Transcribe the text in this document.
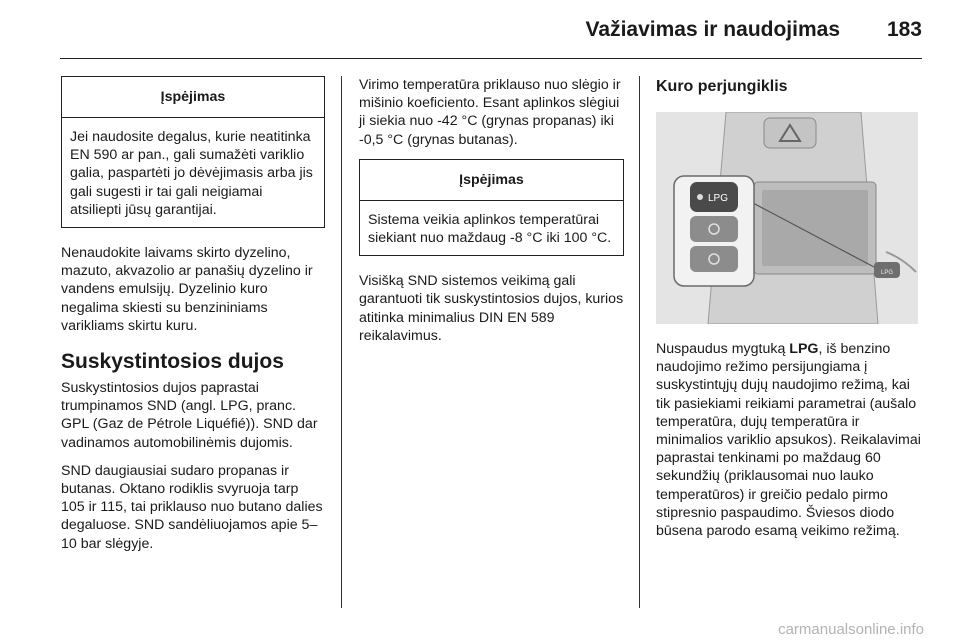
Važiavimas ir naudojimas 183
Įspėjimas
Jei naudosite degalus, kurie neatitinka EN 590 ar pan., gali sumažėti variklio galia, paspartėti jo dėvėjimasis arba jis gali sugesti ir tai gali neigiamai atsiliepti jūsų garantijai.

Nenaudokite laivams skirto dyzelino, mazuto, akvazolio ar panašių dyzelino ir vandens emulsijų. Dyzelinio kuro negalima skiesti su benzininiams varikliams skirtu kuru.

Suskystintosios dujos

Suskystintosios dujos paprastai trumpinamos SND (angl. LPG, pranc. GPL (Gaz de Pétrole Liquéfié)). SND dar vadinamos automobilinėmis dujomis.

SND daugiausiai sudaro propanas ir butanas. Oktano rodiklis svyruoja tarp 105 ir 115, tai priklauso nuo butano dalies degaluose. SND sandėliuojamos apie 5–10 bar slėgyje.

Virimo temperatūra priklauso nuo slėgio ir mišinio koeficiento. Esant aplinkos slėgiui ji siekia nuo -42 °C (grynas propanas) iki -0,5 °C (grynas butanas).

Įspėjimas
Sistema veikia aplinkos temperatūrai siekiant nuo maždaug -8 °C iki 100 °C.

Visišką SND sistemos veikimą gali garantuoti tik suskystintosios dujos, kurios atitinka minimalius DIN EN 589 reikalavimus.

Kuro perjungiklis
LPG
LPG

Nuspaudus mygtuką LPG, iš benzino naudojimo režimo persijungiama į suskystintųjų dujų naudojimo režimą, kai tik pasiekiami reikiami parametrai (aušalo temperatūra, dujų temperatūra ir minimalios variklio apsukos). Reikalavimai paprastai tenkinami po maždaug 60 sekundžių (priklausomai nuo lauko temperatūros) ir greičio pedalo pirmo stipresnio paspaudimo. Šviesos diodo būsena parodo esamą veikimo režimą.

carmanualsonline.info
